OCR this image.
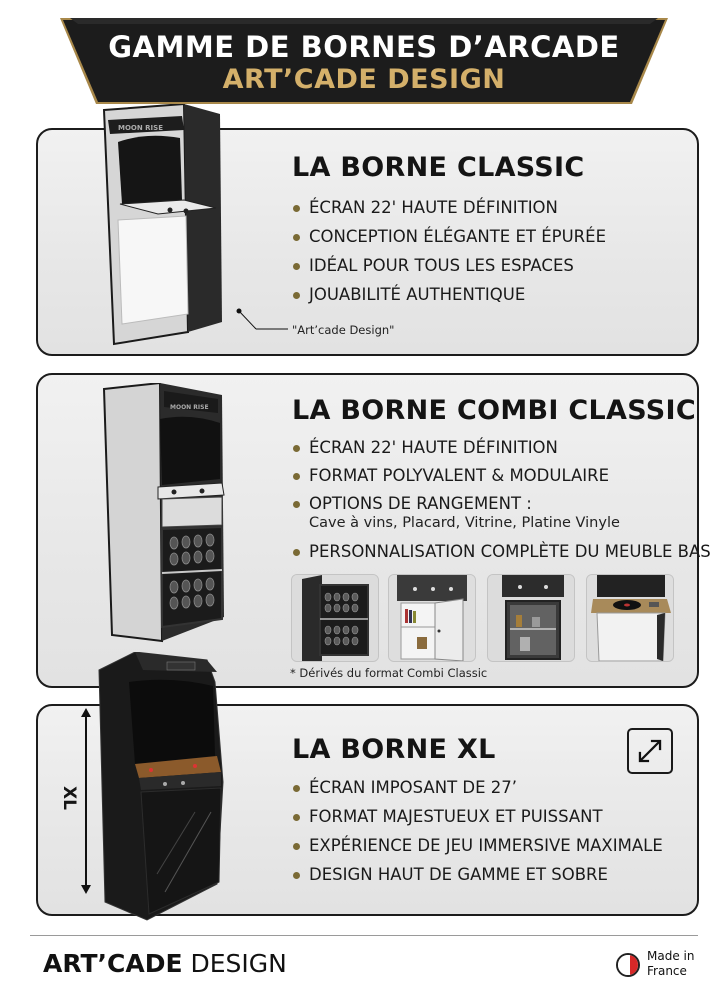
GAMME DE BORNES D’ARCADE
ART’CADE DESIGN
MOON RISE
LA BORNE CLASSIC
ÉCRAN 22' HAUTE DÉFINITION
CONCEPTION ÉLÉGANTE ET ÉPURÉE
IDÉAL POUR TOUS LES ESPACES
JOUABILITÉ AUTHENTIQUE
"Art’cade Design"
MOON RISE	LA BORNE COMBI CLASSIC
ÉCRAN 22' HAUTE DÉFINITION
FORMAT POLYVALENT & MODULAIRE
OPTIONS DE RANGEMENT :
Cave à vins, Placard, Vitrine, Platine Vinyle
PERSONNALISATION COMPLÈTE DU MEUBLE BAS
* Dérivés du format Combi Classic
LA BORNE XL
ÉCRAN IMPOSANT DE 27’
FORMAT MAJESTUEUX ET PUISSANT
EXPÉRIENCE DE JEU IMMERSIVE MAXIMALE
DESIGN HAUT DE GAMME ET SOBRE
XL
ART’CADE DESIGN	Made in
France
